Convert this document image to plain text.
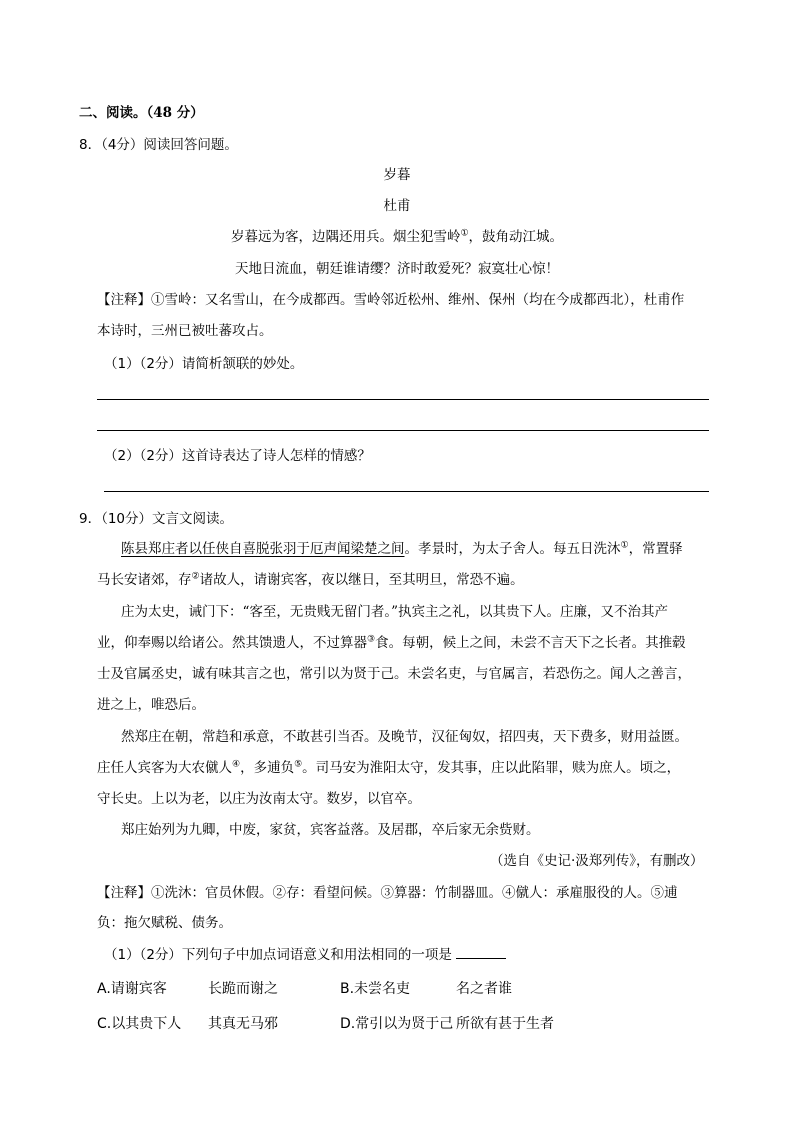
二、阅读。（48 分）
8．（4分）阅读回答问题。
岁暮
杜甫
岁暮远为客，边隅还用兵。烟尘犯雪岭①，鼓角动江城。
天地日流血，朝廷谁请缨？济时敢爱死？寂寞壮心惊！
【注释】①雪岭：又名雪山，在今成都西。雪岭邻近松州、维州、保州（均在今成都西北），杜甫作
本诗时，三州已被吐蕃攻占。
（1）（2分）请简析颔联的妙处。
（2）（2分）这首诗表达了诗人怎样的情感？
9．（10分）文言文阅读。
陈县郑庄者以任侠自喜脱张羽于厄声闻梁楚之间。孝景时，为太子舍人。每五日洗沐①，常置驿
马长安诸郊，存②诸故人，请谢宾客，夜以继日，至其明旦，常恐不遍。
庄为太史，诫门下：“客至，无贵贱无留门者。”执宾主之礼，以其贵下人。庄廉，又不治其产
业，仰奉赐以给诸公。然其馈遗人，不过算器③食。每朝，候上之间，未尝不言天下之长者。其推毂
士及官属丞史，诚有味其言之也，常引以为贤于己。未尝名吏，与官属言，若恐伤之。闻人之善言，
进之上，唯恐后。
然郑庄在朝，常趋和承意，不敢甚引当否。及晚节，汉征匈奴，招四夷，天下费多，财用益匮。
庄任人宾客为大农僦人④，多逋负⑤。司马安为淮阳太守，发其事，庄以此陷罪，赎为庶人。顷之，
守长史。上以为老，以庄为汝南太守。数岁，以官卒。
郑庄始列为九卿，中废，家贫，宾客益落。及居郡，卒后家无余赀财。
（选自《史记·汲郑列传》，有删改）
【注释】①洗沐：官员休假。②存：看望问候。③算器：竹制器皿。④僦人：承雇服役的人。⑤逋
负：拖欠赋税、债务。
（1）（2分）下列句子中加点词语意义和用法相同的一项是
A.请谢宾客	长跪而谢之	B.未尝名吏	名之者谁
C.以其贵下人 其真无马邪	D.常引以为贤于己 所欲有甚于生者
